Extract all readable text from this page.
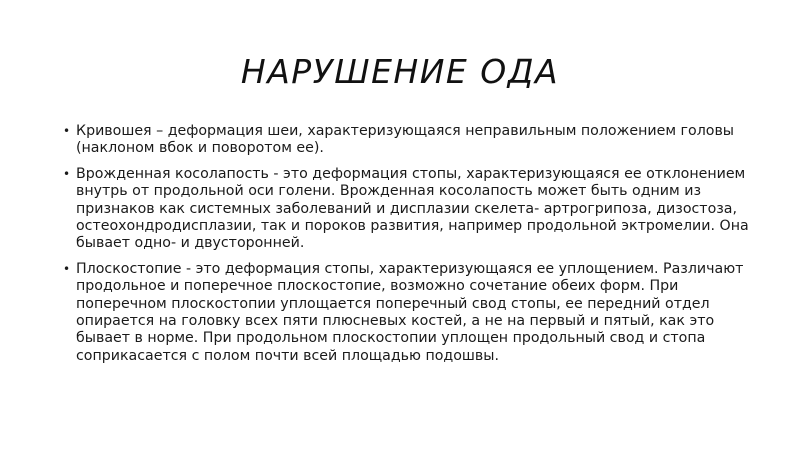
НАРУШЕНИЕ ОДА
• Кривошея – деформация шеи, характеризующаяся неправильным положением головы (наклоном вбок и поворотом ее).
• Врожденная косолапость - это деформация стопы, характеризующаяся ее отклонением внутрь от продольной оси голени. Врожденная косолапость может быть одним из признаков как системных заболеваний и дисплазии скелета- артрогрипоза, дизостоза, остеохондродисплазии, так и пороков развития, например продольной эктромелии. Она бывает одно- и двусторонней.
• Плоскостопие - это деформация стопы, характеризующаяся ее уплощением. Различают продольное и поперечное плоскостопие, возможно сочетание обеих форм. При поперечном плоскостопии уплощается поперечный свод стопы, ее передний отдел опирается на головку всех пяти плюсневых костей, а не на первый и пятый, как это бывает в норме. При продольном плоскостопии уплощен продольный свод и стопа соприкасается с полом почти всей площадью подошвы.
